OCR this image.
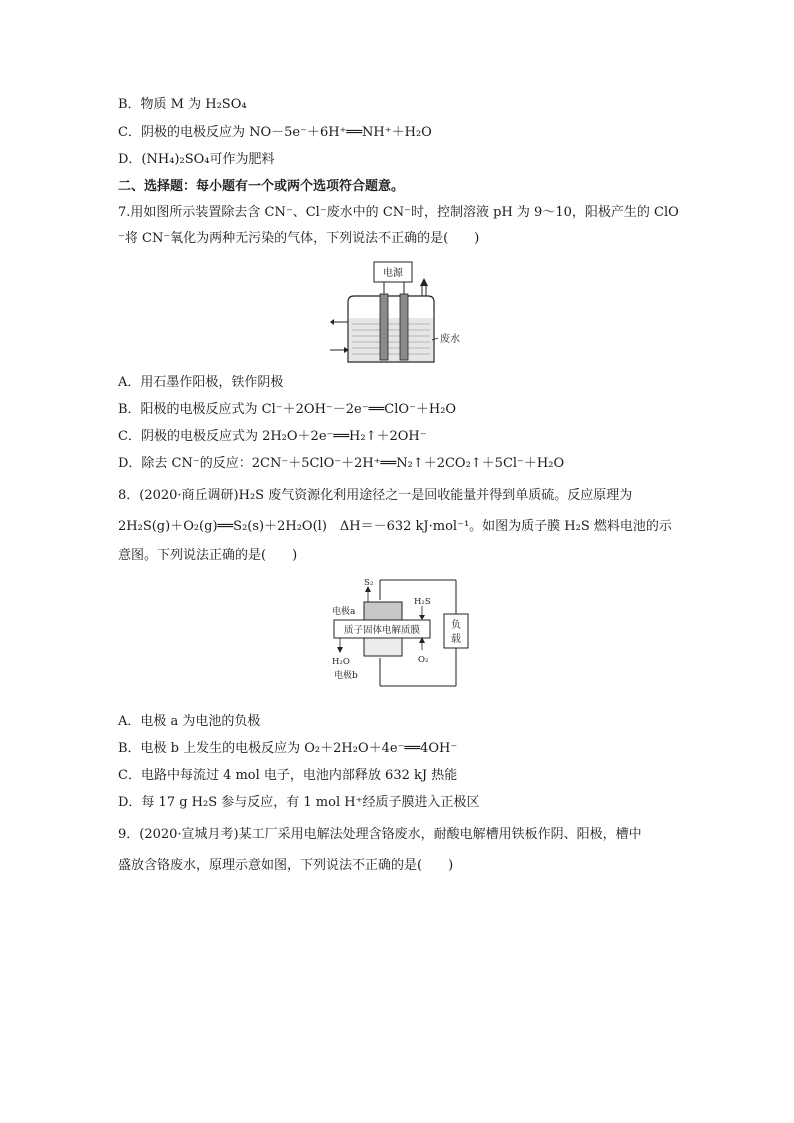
B．物质 M 为 H₂SO₄
C．阴极的电极反应为 NO－5e⁻＋6H⁺══NH⁺＋H₂O
D．(NH₄)₂SO₄可作为肥料
二、选择题：每小题有一个或两个选项符合题意。
7.用如图所示装置除去含 CN⁻、Cl⁻废水中的 CN⁻时，控制溶液 pH 为 9～10，阳极产生的 ClO
⁻将 CN⁻氧化为两种无污染的气体，下列说法不正确的是(　　)
电源
废水
A．用石墨作阳极，铁作阴极
B．阳极的电极反应式为 Cl⁻＋2OH⁻－2e⁻══ClO⁻＋H₂O
C．阴极的电极反应式为 2H₂O＋2e⁻══H₂↑＋2OH⁻
D．除去 CN⁻的反应：2CN⁻＋5ClO⁻＋2H⁺══N₂↑＋2CO₂↑＋5Cl⁻＋H₂O
8．(2020·商丘调研)H₂S 废气资源化利用途径之一是回收能量并得到单质硫。反应原理为
2H₂S(g)＋O₂(g)══S₂(s)＋2H₂O(l)　ΔH＝－632 kJ·mol⁻¹。如图为质子膜 H₂S 燃料电池的示
意图。下列说法正确的是(　　)
负
载
质子固体电解质膜
S₂
H₂S
电极a
H₂O	O₂
电极b
A．电极 a 为电池的负极
B．电极 b 上发生的电极反应为 O₂＋2H₂O＋4e⁻══4OH⁻
C．电路中每流过 4 mol 电子，电池内部释放 632 kJ 热能
D．每 17 g H₂S 参与反应，有 1 mol H⁺经质子膜进入正极区
9．(2020·宣城月考)某工厂采用电解法处理含铬废水，耐酸电解槽用铁板作阴、阳极，槽中
盛放含铬废水，原理示意如图，下列说法不正确的是(　　)
